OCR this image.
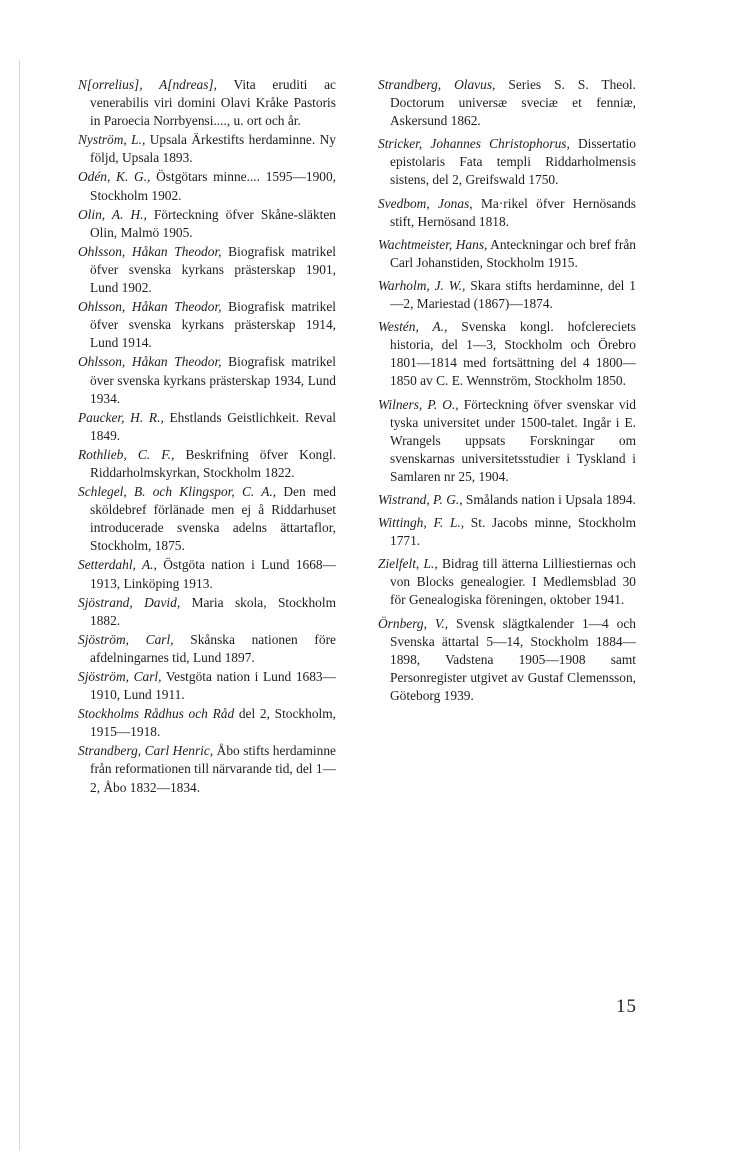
N[orrelius], A[ndreas], Vita eruditi ac venerabilis viri domini Olavi Kråke Pastoris in Paroecia Norrbyensi...., u. ort och år.

Nyström, L., Upsala Ärkestifts herdaminne. Ny följd, Upsala 1893.

Odén, K. G., Östgötars minne.... 1595—1900, Stockholm 1902.

Olin, A. H., Förteckning öfver Skåne-släkten Olin, Malmö 1905.

Ohlsson, Håkan Theodor, Biografisk matrikel öfver svenska kyrkans prästerskap 1901, Lund 1902.

Ohlsson, Håkan Theodor, Biografisk matrikel öfver svenska kyrkans prästerskap 1914, Lund 1914.

Ohlsson, Håkan Theodor, Biografisk matrikel över svenska kyrkans prästerskap 1934, Lund 1934.

Paucker, H. R., Ehstlands Geistlichkeit. Reval 1849.

Rothlieb, C. F., Beskrifning öfver Kongl. Riddarholmskyrkan, Stockholm 1822.

Schlegel, B. och Klingspor, C. A., Den med sköldebref förlänade men ej å Riddarhuset introducerade svenska adelns ättartaflor, Stockholm, 1875.

Setterdahl, A., Östgöta nation i Lund 1668—1913, Linköping 1913.

Sjöstrand, David, Maria skola, Stockholm 1882.

Sjöström, Carl, Skånska nationen före afdelningarnes tid, Lund 1897.

Sjöström, Carl, Vestgöta nation i Lund 1683—1910, Lund 1911.

Stockholms Rådhus och Råd del 2, Stockholm, 1915—1918.

Strandberg, Carl Henric, Åbo stifts herdaminne från reformationen till närvarande tid, del 1—2, Åbo 1832—1834.

Strandberg, Olavus, Series S. S. Theol. Doctorum universæ sveciæ et fenniæ, Askersund 1862.

Stricker, Johannes Christophorus, Dissertatio epistolaris Fata templi Riddarholmensis sistens, del 2, Greifswald 1750.

Svedbom, Jonas, Ma·rikel öfver Hernösands stift, Hernösand 1818.

Wachtmeister, Hans, Anteckningar och bref från Carl Johanstiden, Stockholm 1915.

Warholm, J. W., Skara stifts herdaminne, del 1—2, Mariestad (1867)—1874.

Westén, A., Svenska kongl. hofclereciets historia, del 1—3, Stockholm och Örebro 1801—1814 med fortsättning del 4 1800—1850 av C. E. Wennström, Stockholm 1850.

Wilners, P. O., Förteckning öfver svenskar vid tyska universitet under 1500-talet. Ingår i E. Wrangels uppsats Forskningar om svenskarnas universitetsstudier i Tyskland i Samlaren nr 25, 1904.

Wistrand, P. G., Smålands nation i Upsala 1894.

Wittingh, F. L., St. Jacobs minne, Stockholm 1771.

Zielfelt, L., Bidrag till ätterna Lilliestiernas och von Blocks genealogier. I Medlemsblad 30 för Genealogiska föreningen, oktober 1941.

Örnberg, V., Svensk slägtkalender 1—4 och Svenska ättartal 5—14, Stockholm 1884—1898, Vadstena 1905—1908 samt Personregister utgivet av Gustaf Clemensson, Göteborg 1939.

15
